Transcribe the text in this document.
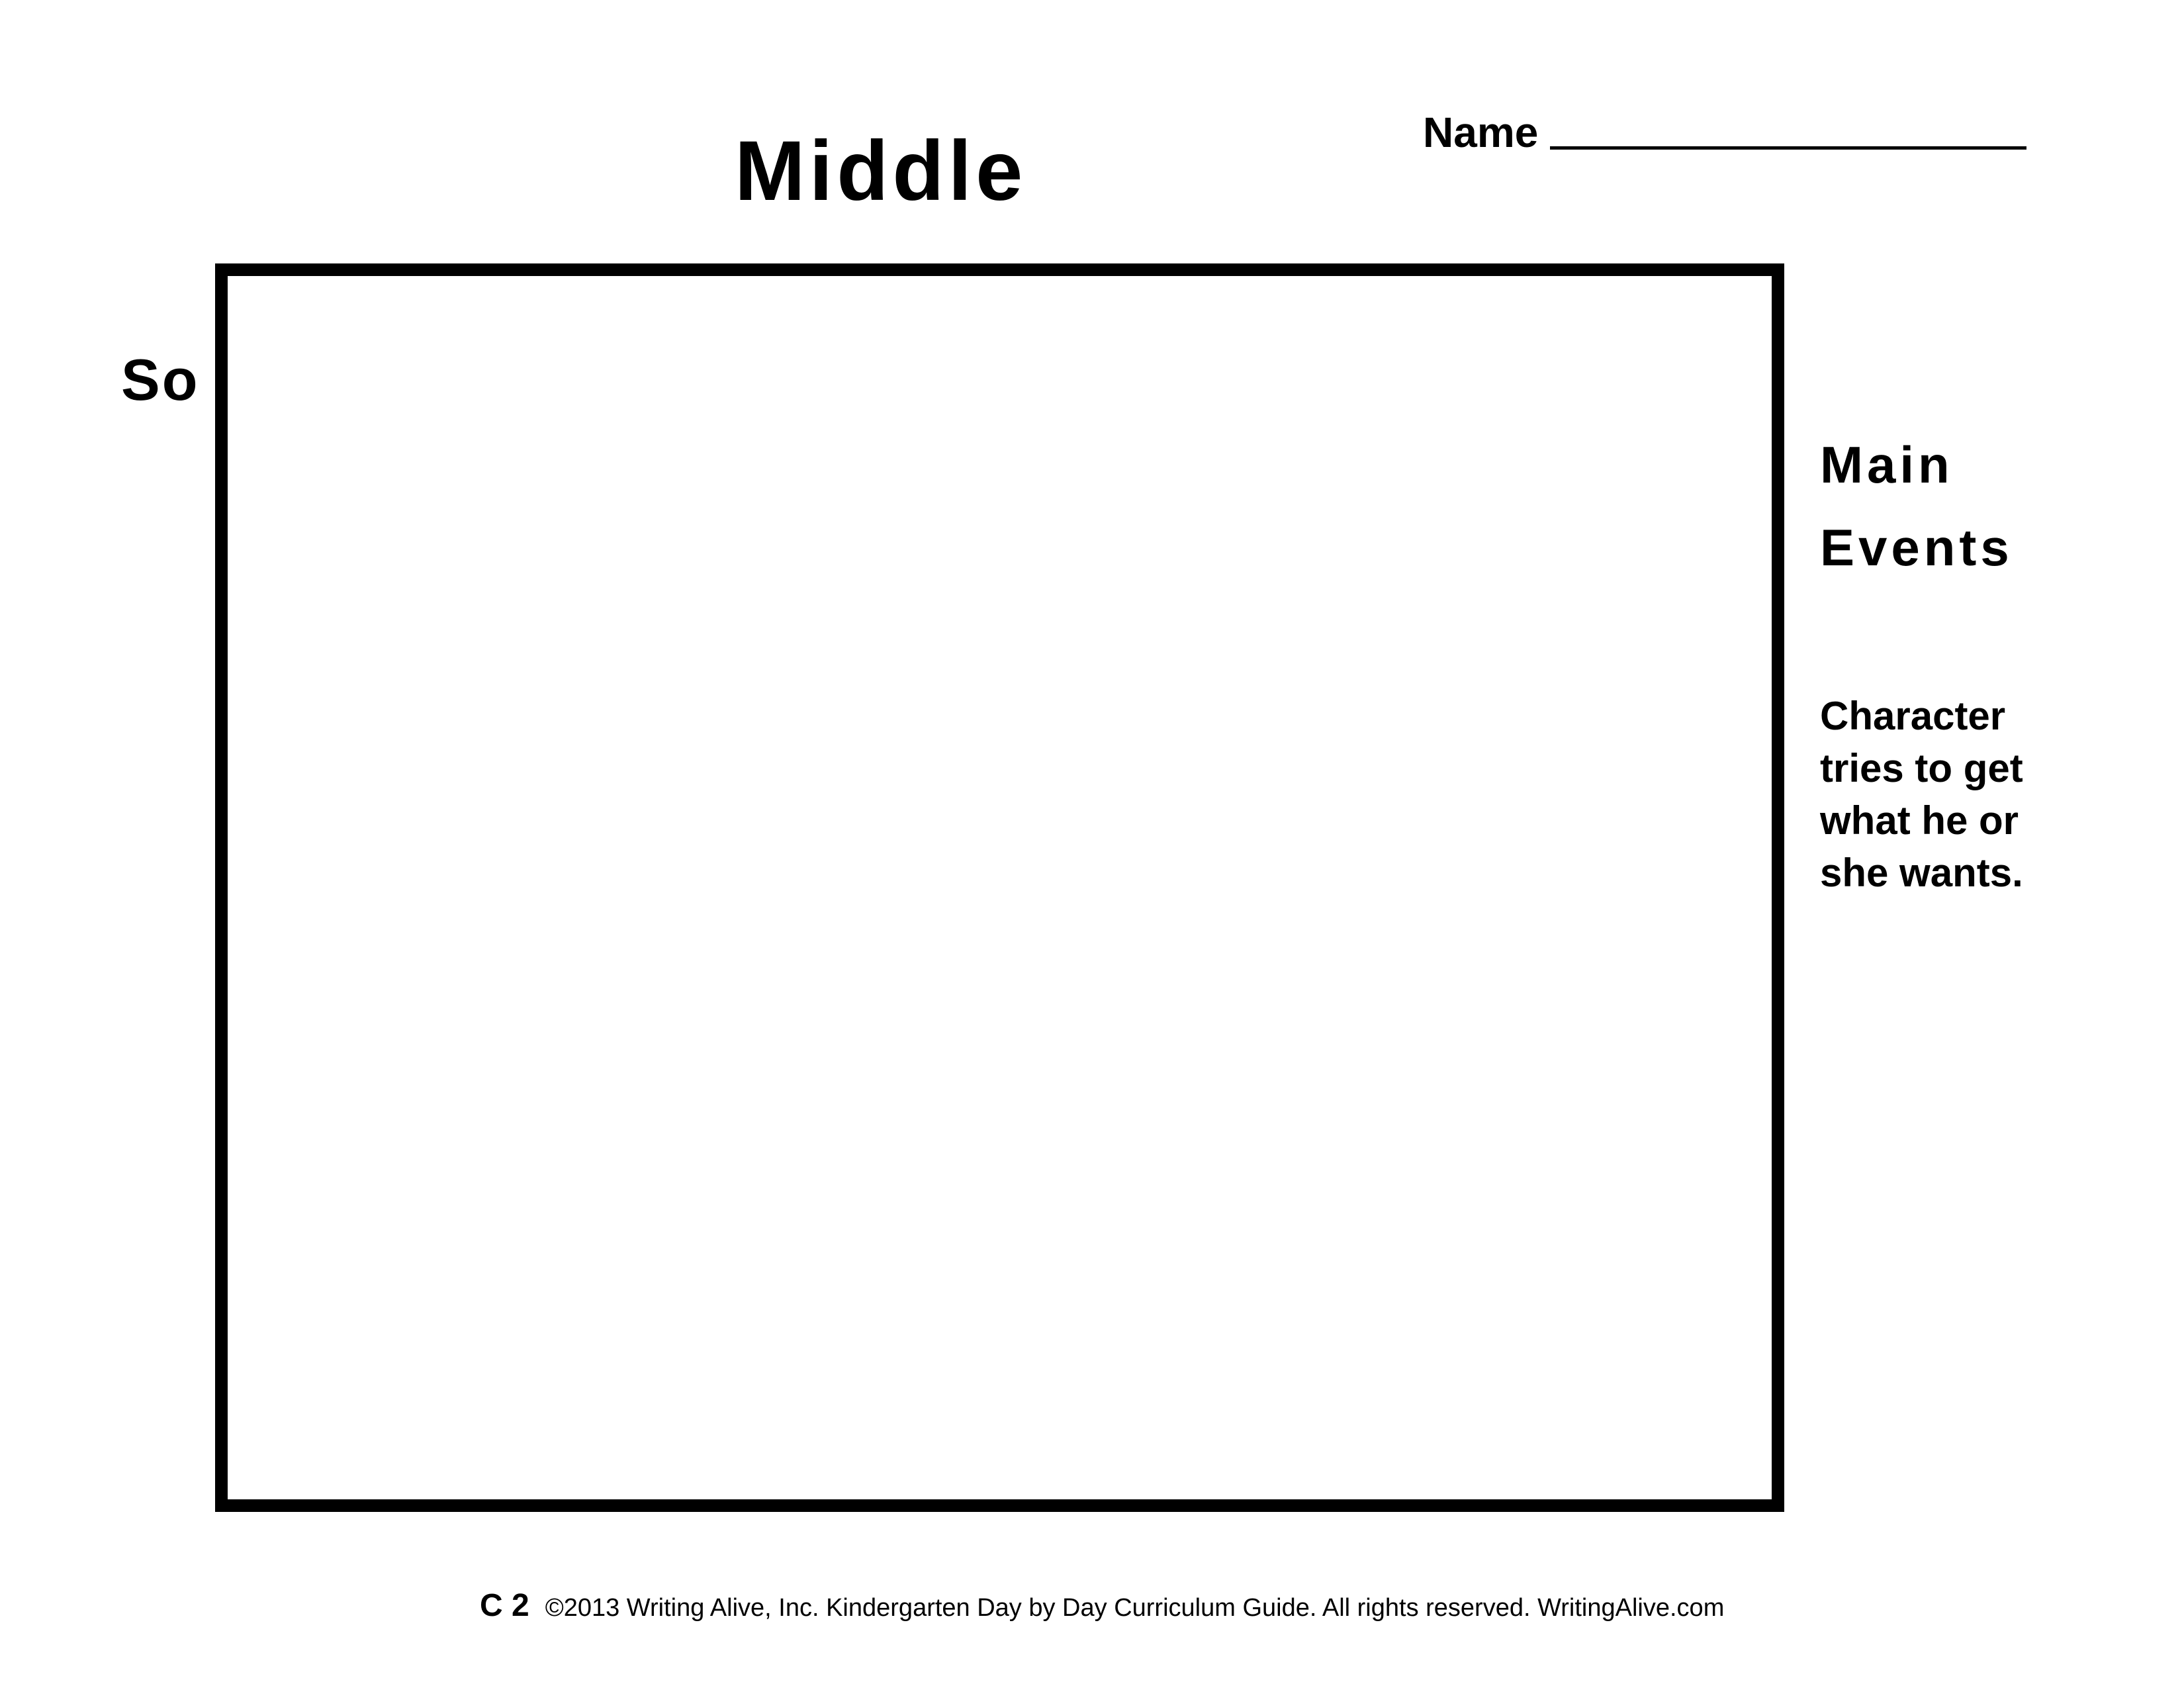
Middle	Name
So
Main
Events
Character
tries to get
what he or
she wants.
C 2 ©2013 Writing Alive, Inc. Kindergarten Day by Day Curriculum Guide. All rights reserved. WritingAlive.com
